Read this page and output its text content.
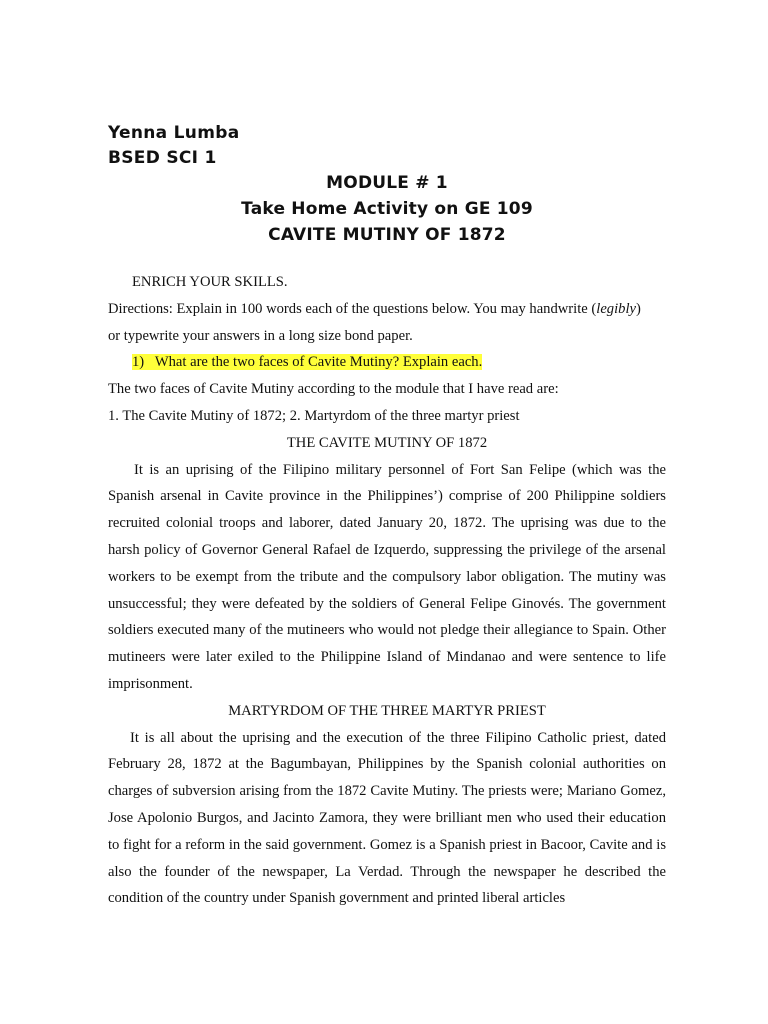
Yenna Lumba
BSED SCI 1
MODULE # 1
Take Home Activity on GE 109
CAVITE MUTINY OF 1872
ENRICH YOUR SKILLS.
Directions: Explain in 100 words each of the questions below. You may handwrite (legibly)
or typewrite your answers in a long size bond paper.
1)   What are the two faces of Cavite Mutiny? Explain each.
The two faces of Cavite Mutiny according to the module that I have read are:
1. The Cavite Mutiny of 1872; 2. Martyrdom of the three martyr priest
THE CAVITE MUTINY OF 1872

It is an uprising of the Filipino military personnel of Fort San Felipe (which was the Spanish arsenal in Cavite province in the Philippines’) comprise of 200 Philippine soldiers recruited colonial troops and laborer, dated January 20, 1872. The uprising was due to the harsh policy of Governor General Rafael de Izquerdo, suppressing the privilege of the arsenal workers to be exempt from the tribute and the compulsory labor obligation. The mutiny was unsuccessful; they were defeated by the soldiers of General Felipe Ginovés. The government soldiers executed many of the mutineers who would not pledge their allegiance to Spain. Other mutineers were later exiled to the Philippine Island of Mindanao and were sentence to life imprisonment.

MARTYRDOM OF THE THREE MARTYR PRIEST

It is all about the uprising and the execution of the three Filipino Catholic priest, dated February 28, 1872 at the Bagumbayan, Philippines by the Spanish colonial authorities on charges of subversion arising from the 1872 Cavite Mutiny. The priests were; Mariano Gomez, Jose Apolonio Burgos, and Jacinto Zamora, they were brilliant men who used their education to fight for a reform in the said government. Gomez is a Spanish priest in Bacoor, Cavite and is also the founder of the newspaper, La Verdad. Through the newspaper he described the condition of the country under Spanish government and printed liberal articles
